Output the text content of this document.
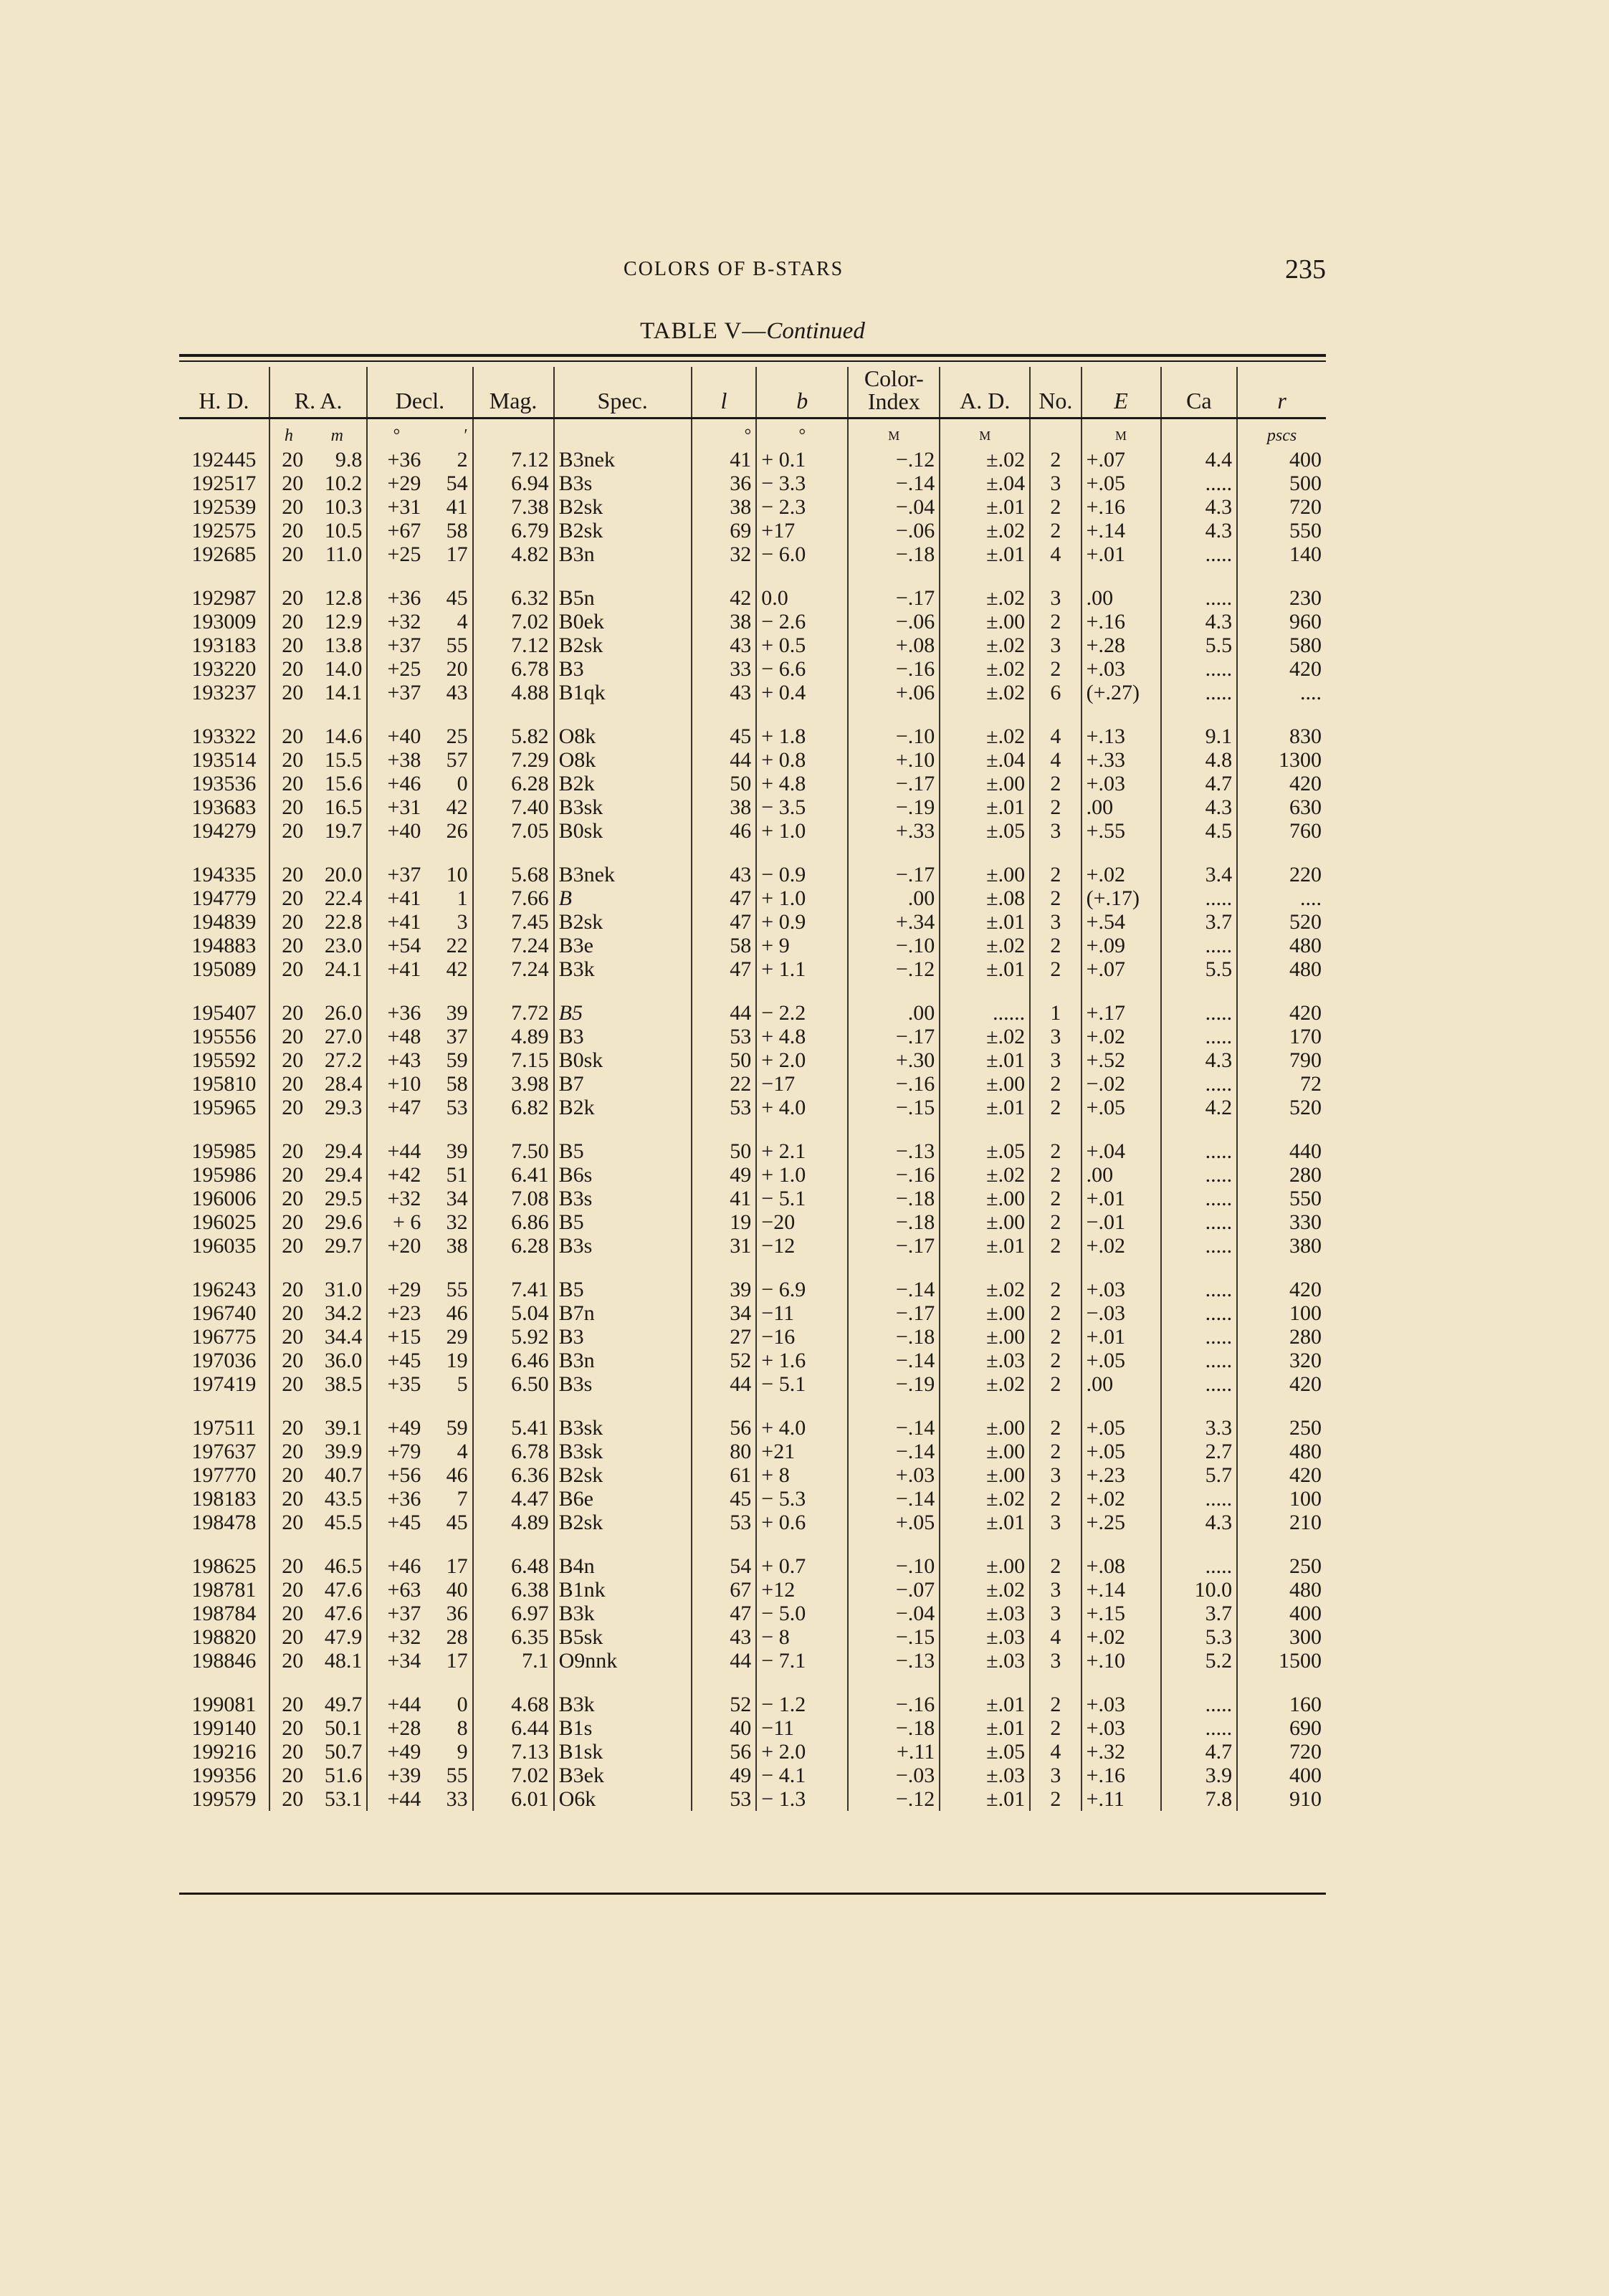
COLORS OF B-STARS	235
TABLE V—Continued
H. D.	R. A.		Decl.		Mag.	Spec.	l	b	Color-
Index	A. D.	No.	E	Ca	r
	h	m	°	′			°	°	M	M		M		pscs
192445	20	9.8	+36	2	7.12	B3nek	41	+ 0.1	−.12	±.02	2	+.07	4.4	400
192517	20	10.2	+29	54	6.94	B3s	36	− 3.3	−.14	±.04	3	+.05	.....	500
192539	20	10.3	+31	41	7.38	B2sk	38	− 2.3	−.04	±.01	2	+.16	4.3	720
192575	20	10.5	+67	58	6.79	B2sk	69	+17	−.06	±.02	2	+.14	4.3	550
192685	20	11.0	+25	17	4.82	B3n	32	− 6.0	−.18	±.01	4	+.01	.....	140
192987	20	12.8	+36	45	6.32	B5n	42	0.0	−.17	±.02	3	.00	.....	230
193009	20	12.9	+32	4	7.02	B0ek	38	− 2.6	−.06	±.00	2	+.16	4.3	960
193183	20	13.8	+37	55	7.12	B2sk	43	+ 0.5	+.08	±.02	3	+.28	5.5	580
193220	20	14.0	+25	20	6.78	B3	33	− 6.6	−.16	±.02	2	+.03	.....	420
193237	20	14.1	+37	43	4.88	B1qk	43	+ 0.4	+.06	±.02	6	(+.27)	.....	....
193322	20	14.6	+40	25	5.82	O8k	45	+ 1.8	−.10	±.02	4	+.13	9.1	830
193514	20	15.5	+38	57	7.29	O8k	44	+ 0.8	+.10	±.04	4	+.33	4.8	1300
193536	20	15.6	+46	0	6.28	B2k	50	+ 4.8	−.17	±.00	2	+.03	4.7	420
193683	20	16.5	+31	42	7.40	B3sk	38	− 3.5	−.19	±.01	2	.00	4.3	630
194279	20	19.7	+40	26	7.05	B0sk	46	+ 1.0	+.33	±.05	3	+.55	4.5	760
194335	20	20.0	+37	10	5.68	B3nek	43	− 0.9	−.17	±.00	2	+.02	3.4	220
194779	20	22.4	+41	1	7.66	B	47	+ 1.0	.00	±.08	2	(+.17)	.....	....
194839	20	22.8	+41	3	7.45	B2sk	47	+ 0.9	+.34	±.01	3	+.54	3.7	520
194883	20	23.0	+54	22	7.24	B3e	58	+ 9	−.10	±.02	2	+.09	.....	480
195089	20	24.1	+41	42	7.24	B3k	47	+ 1.1	−.12	±.01	2	+.07	5.5	480
195407	20	26.0	+36	39	7.72	B5	44	− 2.2	.00	......	1	+.17	.....	420
195556	20	27.0	+48	37	4.89	B3	53	+ 4.8	−.17	±.02	3	+.02	.....	170
195592	20	27.2	+43	59	7.15	B0sk	50	+ 2.0	+.30	±.01	3	+.52	4.3	790
195810	20	28.4	+10	58	3.98	B7	22	−17	−.16	±.00	2	−.02	.....	72
195965	20	29.3	+47	53	6.82	B2k	53	+ 4.0	−.15	±.01	2	+.05	4.2	520
195985	20	29.4	+44	39	7.50	B5	50	+ 2.1	−.13	±.05	2	+.04	.....	440
195986	20	29.4	+42	51	6.41	B6s	49	+ 1.0	−.16	±.02	2	.00	.....	280
196006	20	29.5	+32	34	7.08	B3s	41	− 5.1	−.18	±.00	2	+.01	.....	550
196025	20	29.6	+ 6	32	6.86	B5	19	−20	−.18	±.00	2	−.01	.....	330
196035	20	29.7	+20	38	6.28	B3s	31	−12	−.17	±.01	2	+.02	.....	380
196243	20	31.0	+29	55	7.41	B5	39	− 6.9	−.14	±.02	2	+.03	.....	420
196740	20	34.2	+23	46	5.04	B7n	34	−11	−.17	±.00	2	−.03	.....	100
196775	20	34.4	+15	29	5.92	B3	27	−16	−.18	±.00	2	+.01	.....	280
197036	20	36.0	+45	19	6.46	B3n	52	+ 1.6	−.14	±.03	2	+.05	.....	320
197419	20	38.5	+35	5	6.50	B3s	44	− 5.1	−.19	±.02	2	.00	.....	420
197511	20	39.1	+49	59	5.41	B3sk	56	+ 4.0	−.14	±.00	2	+.05	3.3	250
197637	20	39.9	+79	4	6.78	B3sk	80	+21	−.14	±.00	2	+.05	2.7	480
197770	20	40.7	+56	46	6.36	B2sk	61	+ 8	+.03	±.00	3	+.23	5.7	420
198183	20	43.5	+36	7	4.47	B6e	45	− 5.3	−.14	±.02	2	+.02	.....	100
198478	20	45.5	+45	45	4.89	B2sk	53	+ 0.6	+.05	±.01	3	+.25	4.3	210
198625	20	46.5	+46	17	6.48	B4n	54	+ 0.7	−.10	±.00	2	+.08	.....	250
198781	20	47.6	+63	40	6.38	B1nk	67	+12	−.07	±.02	3	+.14	10.0	480
198784	20	47.6	+37	36	6.97	B3k	47	− 5.0	−.04	±.03	3	+.15	3.7	400
198820	20	47.9	+32	28	6.35	B5sk	43	− 8	−.15	±.03	4	+.02	5.3	300
198846	20	48.1	+34	17	7.1	O9nnk	44	− 7.1	−.13	±.03	3	+.10	5.2	1500
199081	20	49.7	+44	0	4.68	B3k	52	− 1.2	−.16	±.01	2	+.03	.....	160
199140	20	50.1	+28	8	6.44	B1s	40	−11	−.18	±.01	2	+.03	.....	690
199216	20	50.7	+49	9	7.13	B1sk	56	+ 2.0	+.11	±.05	4	+.32	4.7	720
199356	20	51.6	+39	55	7.02	B3ek	49	− 4.1	−.03	±.03	3	+.16	3.9	400
199579	20	53.1	+44	33	6.01	O6k	53	− 1.3	−.12	±.01	2	+.11	7.8	910
